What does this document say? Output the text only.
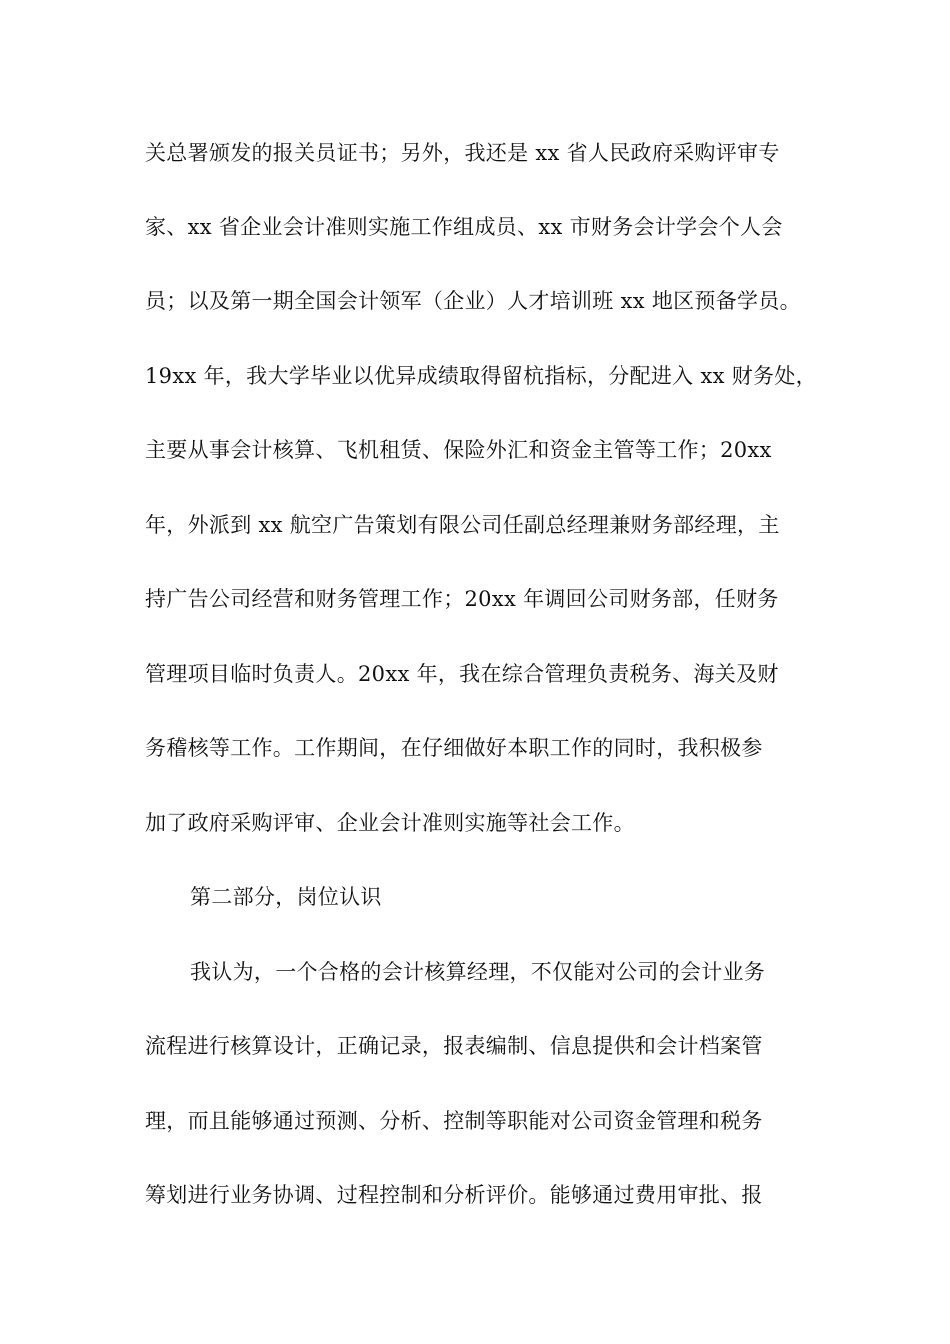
关总署颁发的报关员证书；另外，我还是 xx 省人民政府采购评审专
家、xx 省企业会计准则实施工作组成员、xx 市财务会计学会个人会
员；以及第一期全国会计领军（企业）人才培训班 xx 地区预备学员。
19xx 年，我大学毕业以优异成绩取得留杭指标，分配进入 xx 财务处，
主要从事会计核算、飞机租赁、保险外汇和资金主管等工作；20xx
年，外派到 xx 航空广告策划有限公司任副总经理兼财务部经理，主
持广告公司经营和财务管理工作；20xx 年调回公司财务部，任财务
管理项目临时负责人。20xx 年，我在综合管理负责税务、海关及财
务稽核等工作。工作期间，在仔细做好本职工作的同时，我积极参
加了政府采购评审、企业会计准则实施等社会工作。
第二部分，岗位认识
我认为，一个合格的会计核算经理，不仅能对公司的会计业务
流程进行核算设计，正确记录，报表编制、信息提供和会计档案管
理，而且能够通过预测、分析、控制等职能对公司资金管理和税务
筹划进行业务协调、过程控制和分析评价。能够通过费用审批、报
